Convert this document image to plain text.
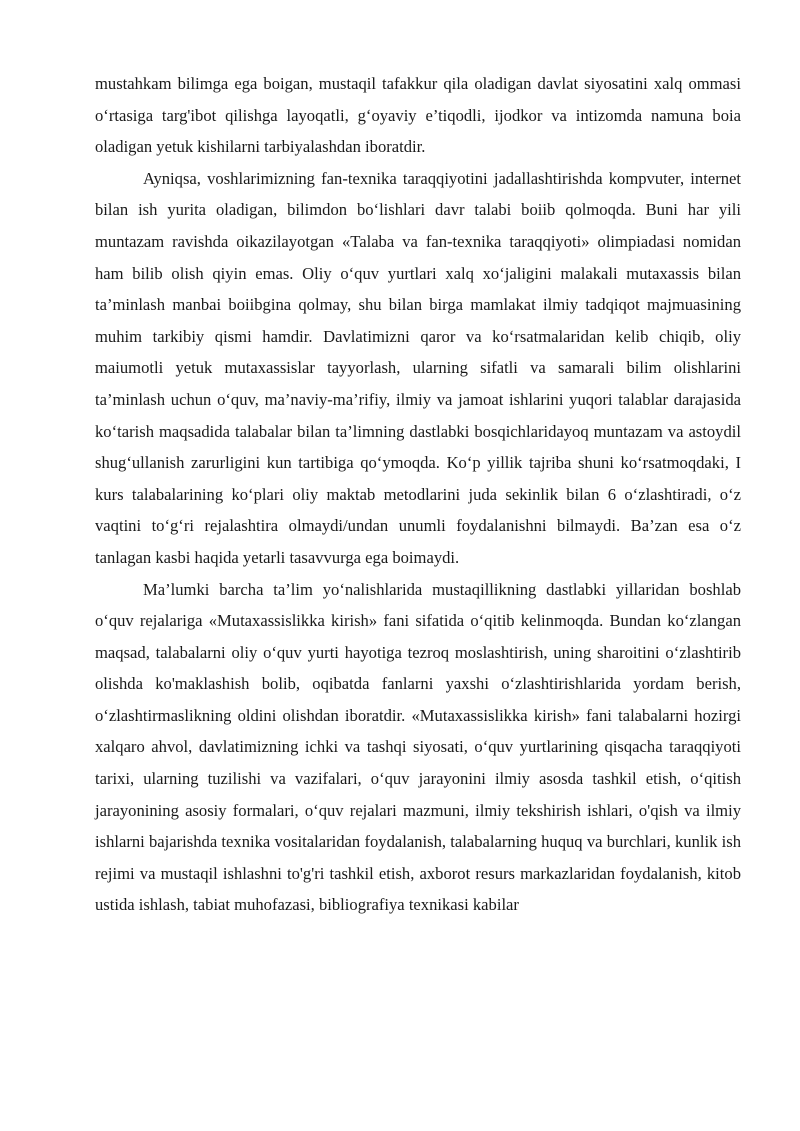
mustahkam bilimga ega boigan, mustaqil tafakkur qila oladigan davlat siyosatini xalq ommasi o‘rtasiga targ'ibot qilishga layoqatli, g‘oyaviy e’tiqodli, ijodkor va intizomda namuna boia oladigan yetuk kishilarni tarbiyalashdan iboratdir.

Ayniqsa, voshlarimizning fan-texnika taraqqiyotini jadallashtirishda kompvuter, internet bilan ish yurita oladigan, bilimdon bo‘lishlari davr talabi boiib qolmoqda. Buni har yili muntazam ravishda oikazilayotgan «Talaba va fan-texnika taraqqiyoti» olimpiadasi nomidan ham bilib olish qiyin emas. Oliy o‘quv yurtlari xalq xo‘jaligini malakali mutaxassis bilan ta’minlash manbai boiibgina qolmay, shu bilan birga mamlakat ilmiy tadqiqot majmuasining muhim tarkibiy qismi hamdir. Davlatimizni qaror va ko‘rsatmalaridan kelib chiqib, oliy maiumotli yetuk mutaxassislar tayyorlash, ularning sifatli va samarali bilim olishlarini ta’minlash uchun o‘quv, ma’naviy-ma’rifiy, ilmiy va jamoat ishlarini yuqori talablar darajasida ko‘tarish maqsadida talabalar bilan ta’limning dastlabki bosqichlaridayoq muntazam va astoydil shug‘ullanish zarurligini kun tartibiga qo‘ymoqda. Ko‘p yillik tajriba shuni ko‘rsatmoqdaki, I kurs talabalarining ko‘plari oliy maktab metodlarini juda sekinlik bilan 6 o‘zlashtiradi, o‘z vaqtini to‘g‘ri rejalashtira olmaydi/undan unumli foydalanishni bilmaydi. Ba’zan esa o‘z tanlagan kasbi haqida yetarli tasavvurga ega boimaydi.

Ma’lumki barcha ta’lim yo‘nalishlarida mustaqillikning dastlabki yillaridan boshlab o‘quv rejalariga «Mutaxassislikka kirish» fani sifatida o‘qitib kelinmoqda. Bundan ko‘zlangan maqsad, talabalarni oliy o‘quv yurti hayotiga tezroq moslashtirish, uning sharoitini o‘zlashtirib olishda ko'maklashish bolib, oqibatda fanlarni yaxshi o‘zlashtirishlarida yordam berish, o‘zlashtirmaslikning oldini olishdan iboratdir. «Mutaxassislikka kirish» fani talabalarni hozirgi xalqaro ahvol, davlatimizning ichki va tashqi siyosati, o‘quv yurtlarining qisqacha taraqqiyoti tarixi, ularning tuzilishi va vazifalari, o‘quv jarayonini ilmiy asosda tashkil etish, o‘qitish jarayonining asosiy formalari, o‘quv rejalari mazmuni, ilmiy tekshirish ishlari, o'qish va ilmiy ishlarni bajarishda texnika vositalaridan foydalanish, talabalarning huquq va burchlari, kunlik ish rejimi va mustaqil ishlashni to'g'ri tashkil etish, axborot resurs markazlaridan foydalanish, kitob ustida ishlash, tabiat muhofazasi, bibliografiya texnikasi kabilar
